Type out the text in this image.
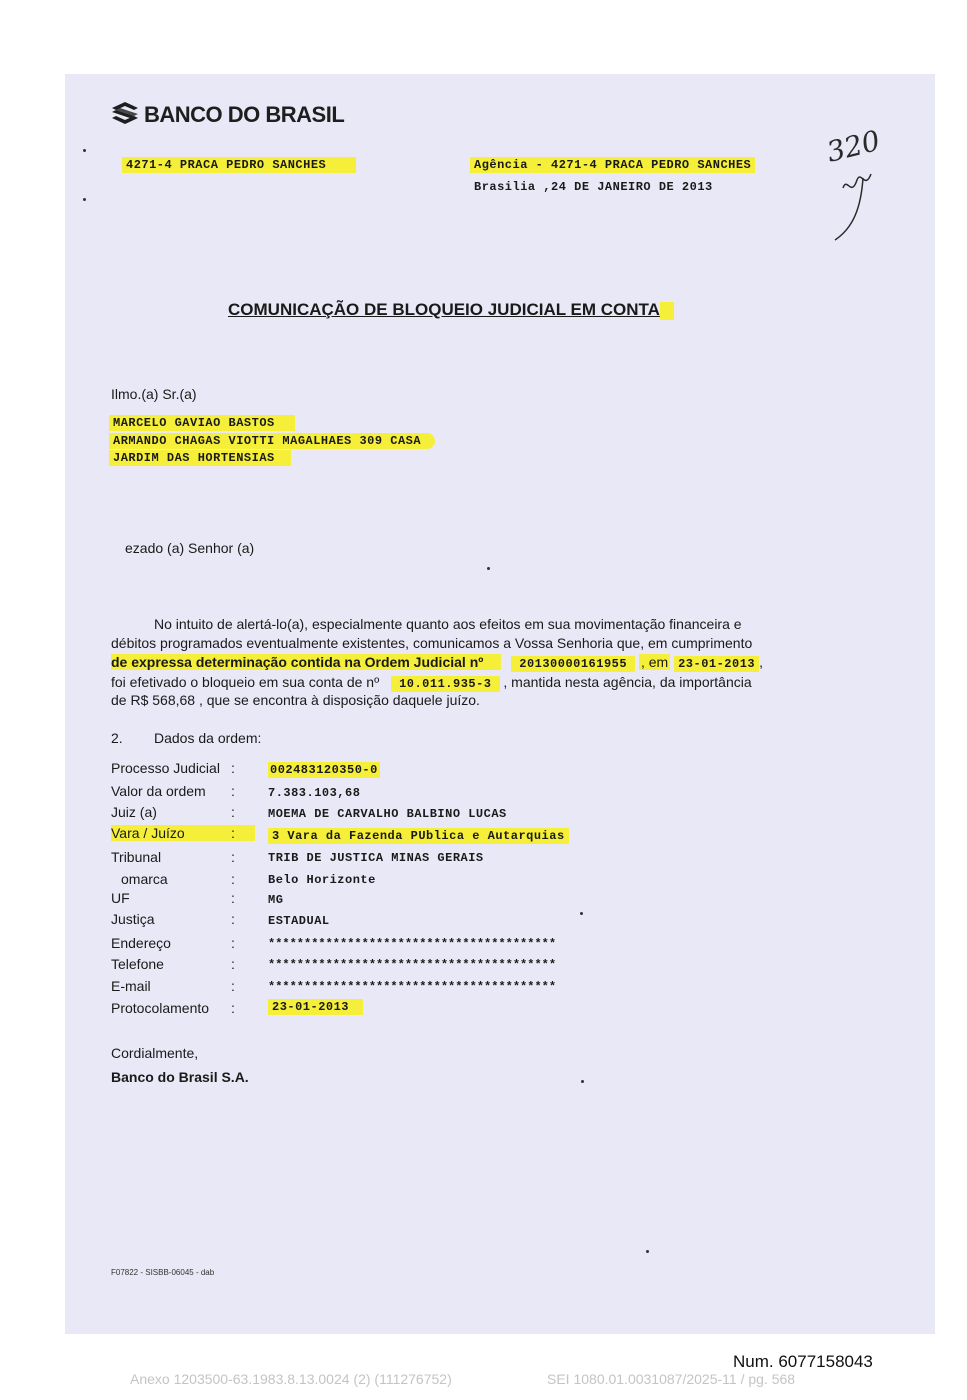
BANCO DO BRASIL
4271-4 PRACA PEDRO SANCHES	Agência - 4271-4 PRACA PEDRO SANCHES
Brasilia ,24 DE JANEIRO DE 2013
320
COMUNICAÇÃO DE BLOQUEIO JUDICIAL EM CONTA
Ilmo.(a) Sr.(a)
MARCELO GAVIAO BASTOS
ARMANDO CHAGAS VIOTTI MAGALHAES 309 CASA
JARDIM DAS HORTENSIAS
ezado (a) Senhor (a)
No intuito de alertá-lo(a), especialmente quanto aos efeitos em sua movimentação financeira e
débitos programados eventualmente existentes, comunicamos a Vossa Senhoria que, em cumprimento
de expressa determinação contida na Ordem Judicial nº	20130000161955 , em 23-01-2013 ,
foi efetivado o bloqueio em sua conta de nº 10.011.935-3 , mantida nesta agência, da importância
de R$ 568,68 , que se encontra à disposição daquele juízo.
2. Dados da ordem:
Processo Judicial :	002483120350-0
Valor da ordem :	7.383.103,68
Juiz (a)	:	MOEMA DE CARVALHO BALBINO LUCAS
Vara / Juízo	:	3 Vara da Fazenda PUblica e Autarquias
Tribunal	:	TRIB DE JUSTICA MINAS GERAIS
omarca	:	Belo Horizonte
UF	:	MG
Justiça	:	ESTADUAL
Endereço	:	****************************************
Telefone	:	****************************************
E-mail	:	****************************************
Protocolamento :	23-01-2013
Cordialmente,
Banco do Brasil S.A.
F07822 - SISBB-06045 - dab
Num. 6077158043
Anexo 1203500-63.1983.8.13.0024 (2) (111276752)	SEI 1080.01.0031087/2025-11 / pg. 568
